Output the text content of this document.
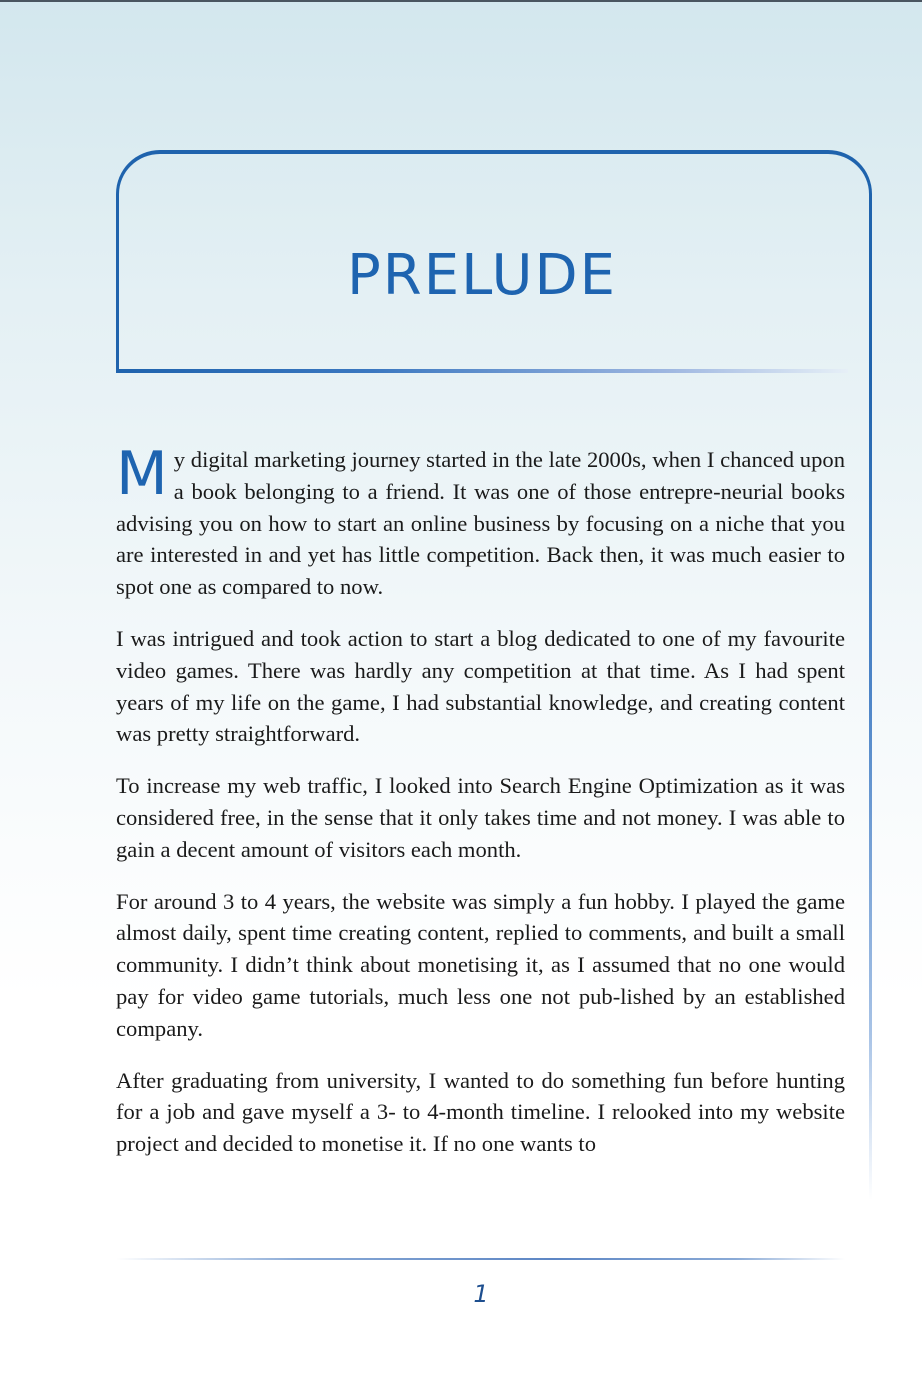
PRELUDE

My digital marketing journey started in the late 2000s, when I chanced upon a book belonging to a friend. It was one of those entrepre-neurial books advising you on how to start an online business by focusing on a niche that you are interested in and yet has little competition. Back then, it was much easier to spot one as compared to now.

I was intrigued and took action to start a blog dedicated to one of my favourite video games. There was hardly any competition at that time. As I had spent years of my life on the game, I had substantial knowledge, and creating content was pretty straightforward.

To increase my web traffic, I looked into Search Engine Optimization as it was considered free, in the sense that it only takes time and not money. I was able to gain a decent amount of visitors each month.

For around 3 to 4 years, the website was simply a fun hobby. I played the game almost daily, spent time creating content, replied to comments, and built a small community. I didn’t think about monetising it, as I assumed that no one would pay for video game tutorials, much less one not pub-lished by an established company.

After graduating from university, I wanted to do something fun before hunting for a job and gave myself a 3- to 4-month timeline. I relooked into my website project and decided to monetise it. If no one wants to

1
